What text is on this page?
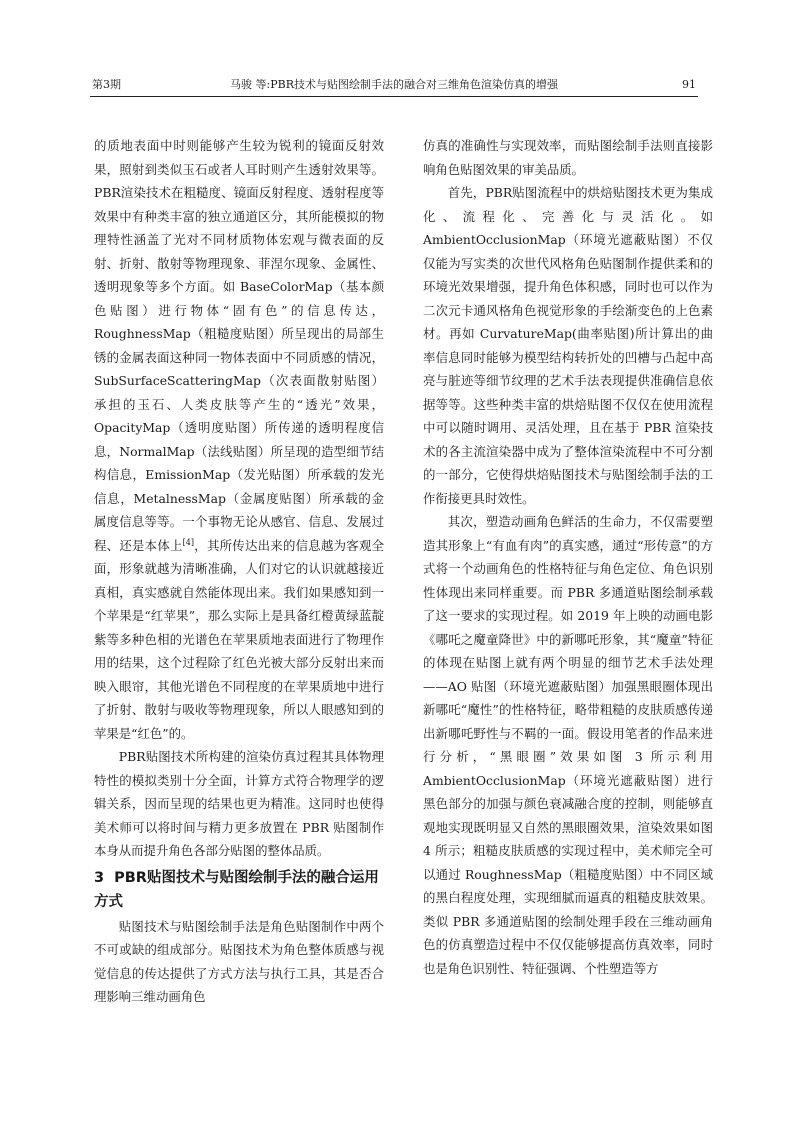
第3期	马骏 等:PBR技术与贴图绘制手法的融合对三维角色渲染仿真的增强	91

的质地表面中时则能够产生较为锐利的镜面反射效果，照射到类似玉石或者人耳时则产生透射效果等。PBR渲染技术在粗糙度、镜面反射程度、透射程度等效果中有种类丰富的独立通道区分，其所能模拟的物理特性涵盖了光对不同材质物体宏观与微表面的反射、折射、散射等物理现象、菲涅尔现象、金属性、透明现象等多个方面。如 BaseColorMap（基本颜色贴图）进行物体“固有色”的信息传达，RoughnessMap（粗糙度贴图）所呈现出的局部生锈的金属表面这种同一物体表面中不同质感的情况，SubSurfaceScatteringMap（次表面散射贴图）承担的玉石、人类皮肤等产生的“透光”效果，OpacityMap（透明度贴图）所传递的透明程度信息，NormalMap（法线贴图）所呈现的造型细节结构信息，EmissionMap（发光贴图）所承载的发光信息，MetalnessMap（金属度贴图）所承载的金属度信息等等。一个事物无论从感官、信息、发展过程、还是本体上[4]，其所传达出来的信息越为客观全面，形象就越为清晰准确，人们对它的认识就越接近真相，真实感就自然能体现出来。我们如果感知到一个苹果是“红苹果”，那么实际上是具备红橙黄绿蓝靛紫等多种色相的光谱色在苹果质地表面进行了物理作用的结果，这个过程除了红色光被大部分反射出来而映入眼帘，其他光谱色不同程度的在苹果质地中进行了折射、散射与吸收等物理现象，所以人眼感知到的苹果是“红色”的。

PBR贴图技术所构建的渲染仿真过程其具体物理特性的模拟类别十分全面，计算方式符合物理学的逻辑关系，因而呈现的结果也更为精准。这同时也使得美术师可以将时间与精力更多放置在 PBR 贴图制作本身从而提升角色各部分贴图的整体品质。

3 PBR贴图技术与贴图绘制手法的融合运用方式

贴图技术与贴图绘制手法是角色贴图制作中两个不可或缺的组成部分。贴图技术为角色整体质感与视觉信息的传达提供了方式方法与执行工具，其是否合理影响三维动画角色

仿真的准确性与实现效率，而贴图绘制手法则直接影响角色贴图效果的审美品质。

首先，PBR贴图流程中的烘焙贴图技术更为集成化、流程化、完善化与灵活化。如 AmbientOcclusionMap（环境光遮蔽贴图）不仅仅能为写实类的次世代风格角色贴图制作提供柔和的环境光效果增强，提升角色体积感，同时也可以作为二次元卡通风格角色视觉形象的手绘渐变色的上色素材。再如 CurvatureMap(曲率贴图)所计算出的曲率信息同时能够为模型结构转折处的凹槽与凸起中高亮与脏迹等细节纹理的艺术手法表现提供准确信息依据等等。这些种类丰富的烘焙贴图不仅仅在使用流程中可以随时调用、灵活处理，且在基于 PBR 渲染技术的各主流渲染器中成为了整体渲染流程中不可分割的一部分，它使得烘焙贴图技术与贴图绘制手法的工作衔接更具时效性。

其次，塑造动画角色鲜活的生命力，不仅需要塑造其形象上“有血有肉”的真实感，通过“形传意”的方式将一个动画角色的性格特征与角色定位、角色识别性体现出来同样重要。而 PBR 多通道贴图绘制承载了这一要求的实现过程。如 2019 年上映的动画电影《哪吒之魔童降世》中的新哪吒形象，其“魔童”特征的体现在贴图上就有两个明显的细节艺术手法处理——AO 贴图（环境光遮蔽贴图）加强黑眼圈体现出新哪吒“魔性”的性格特征，略带粗糙的皮肤质感传递出新哪吒野性与不羁的一面。假设用笔者的作品来进行分析，“黑眼圈”效果如图 3 所示利用 AmbientOcclusionMap（环境光遮蔽贴图）进行黑色部分的加强与颜色衰减融合度的控制，则能够直观地实现既明显又自然的黑眼圈效果，渲染效果如图 4 所示；粗糙皮肤质感的实现过程中，美术师完全可以通过 RoughnessMap（粗糙度贴图）中不同区域的黑白程度处理，实现细腻而逼真的粗糙皮肤效果。类似 PBR 多通道贴图的绘制处理手段在三维动画角色的仿真塑造过程中不仅仅能够提高仿真效率，同时也是角色识别性、特征强调、个性塑造等方
